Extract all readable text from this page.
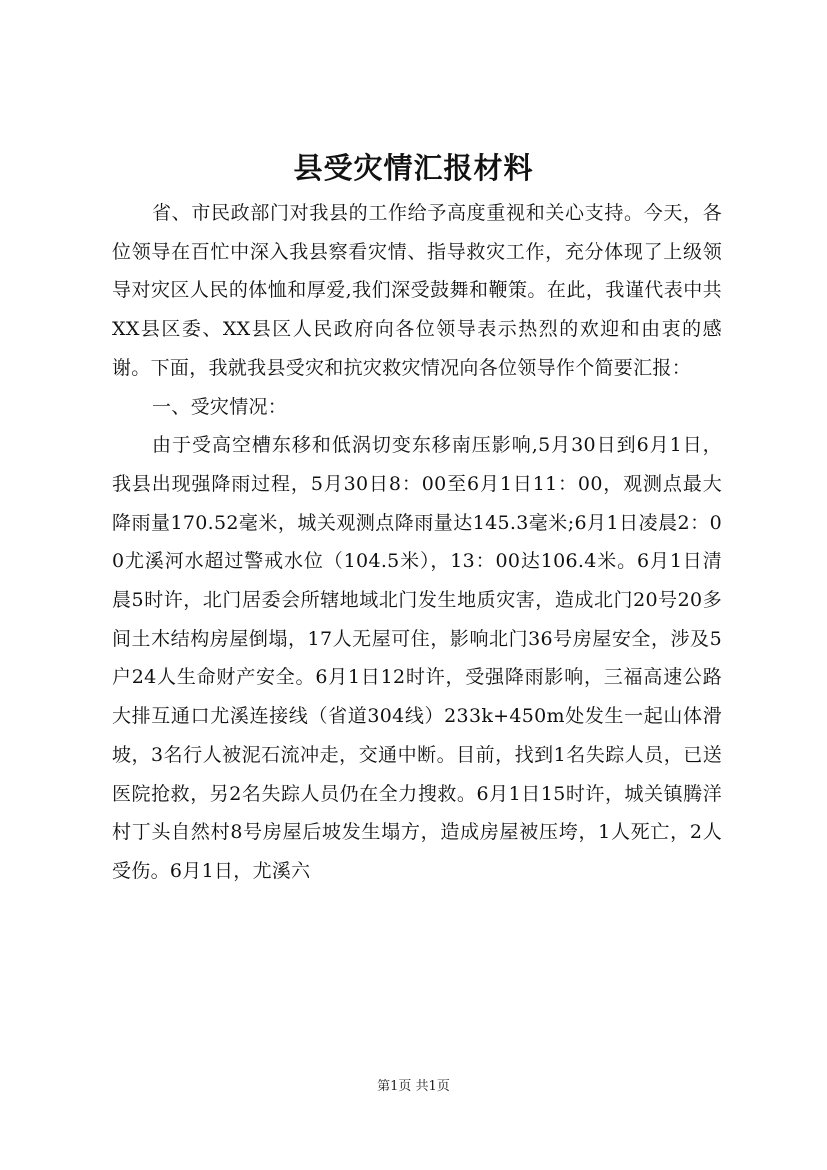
县受灾情汇报材料

省、市民政部门对我县的工作给予高度重视和关心支持。今天，各位领导在百忙中深入我县察看灾情、指导救灾工作，充分体现了上级领导对灾区人民的体恤和厚爱,我们深受鼓舞和鞭策。在此，我谨代表中共XX县区委、XX县区人民政府向各位领导表示热烈的欢迎和由衷的感谢。下面，我就我县受灾和抗灾救灾情况向各位领导作个简要汇报：

一、受灾情况：

由于受高空槽东移和低涡切变东移南压影响,5月30日到6月1日，我县出现强降雨过程，5月30日8：00至6月1日11：00，观测点最大降雨量170.52毫米，城关观测点降雨量达145.3毫米;6月1日凌晨2：00尤溪河水超过警戒水位（104.5米），13：00达106.4米。6月1日清晨5时许，北门居委会所辖地域北门发生地质灾害，造成北门20号20多间土木结构房屋倒塌，17人无屋可住，影响北门36号房屋安全，涉及5户24人生命财产安全。6月1日12时许，受强降雨影响，三福高速公路大排互通口尤溪连接线（省道304线）233k+450m处发生一起山体滑坡，3名行人被泥石流冲走，交通中断。目前，找到1名失踪人员，已送医院抢救，另2名失踪人员仍在全力搜救。6月1日15时许，城关镇腾洋村丁头自然村8号房屋后坡发生塌方，造成房屋被压垮，1人死亡，2人受伤。6月1日，尤溪六

第1页 共1页
